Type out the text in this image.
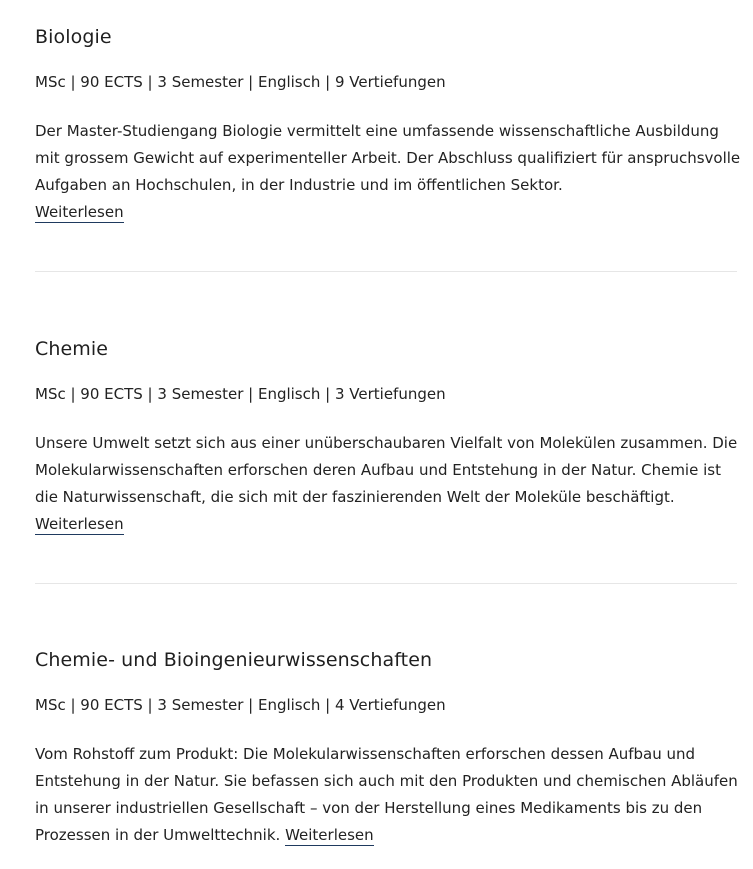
Biologie
MSc | 90 ECTS | 3 Semester | Englisch | 9 Vertiefungen
Der Master-Studiengang Biologie vermittelt eine umfassende wissenschaftliche Ausbildung mit grossem Gewicht auf experimenteller Arbeit. Der Abschluss qualifiziert für anspruchsvolle Aufgaben an Hochschulen, in der Industrie und im öffentlichen Sektor.
Weiterlesen
Chemie
MSc | 90 ECTS | 3 Semester | Englisch | 3 Vertiefungen
Unsere Umwelt setzt sich aus einer unüberschaubaren Vielfalt von Molekülen zusammen. Die Molekularwissenschaften erforschen deren Aufbau und Entstehung in der Natur. Chemie ist die Naturwissenschaft, die sich mit der faszinierenden Welt der Moleküle beschäftigt. Weiterlesen
Chemie- und Bioingenieurwissenschaften
MSc | 90 ECTS | 3 Semester | Englisch | 4 Vertiefungen
Vom Rohstoff zum Produkt: Die Molekularwissenschaften erforschen dessen Aufbau und Entstehung in der Natur. Sie befassen sich auch mit den Produkten und chemischen Abläufen in unserer industriellen Gesellschaft – von der Herstellung eines Medikaments bis zu den Prozessen in der Umwelttechnik. Weiterlesen
